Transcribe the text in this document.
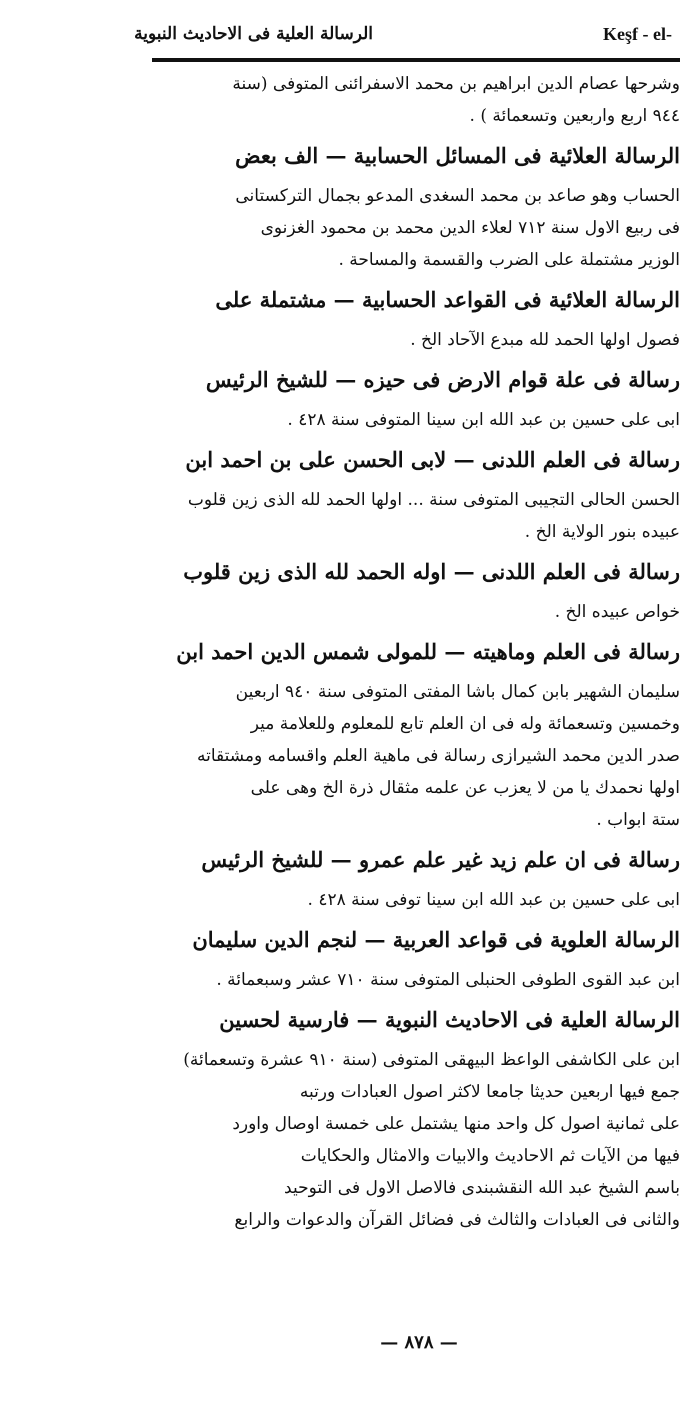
الرسالة العلية فى الاحاديث النبوية	Keşf - el-
وشرحها عصام الدين ابراهيم بن محمد الاسفرائنى المتوفى (سنة
٩٤٤ اربع واربعين وتسعمائة ) .
الرسالة العلائية فى المسائل الحسابية — الف بعض
الحساب وهو صاعد بن محمد السغدى المدعو بجمال التركستانى
فى ربيع الاول سنة ٧١٢ لعلاء الدين محمد بن محمود الغزنوى
الوزير مشتملة على الضرب والقسمة والمساحة .
الرسالة العلائية فى القواعد الحسابية — مشتملة على
فصول اولها الحمد لله مبدع الآحاد الخ .
رسالة فى علة قوام الارض فى حيزه — للشيخ الرئيس
ابى على حسين بن عبد الله ابن سينا المتوفى سنة ٤٢٨ .
رسالة فى العلم اللدنى — لابى الحسن على بن احمد ابن
الحسن الحالى التجيبى المتوفى سنة ... اولها الحمد لله الذى زين قلوب
عبيده بنور الولاية الخ .
رسالة فى العلم اللدنى — اوله الحمد لله الذى زين قلوب
خواص عبيده الخ .
رسالة فى العلم وماهيته — للمولى شمس الدين احمد ابن
سليمان الشهير بابن كمال باشا المفتى المتوفى سنة ٩٤٠ اربعين
وخمسين وتسعمائة وله فى ان العلم تابع للمعلوم وللعلامة مير
صدر الدين محمد الشيرازى رسالة فى ماهية العلم واقسامه ومشتقاته
اولها نحمدك يا من لا يعزب عن علمه مثقال ذرة الخ وهى على
ستة ابواب .
رسالة فى ان علم زيد غير علم عمرو — للشيخ الرئيس
ابى على حسين بن عبد الله ابن سينا توفى سنة ٤٢٨ .
الرسالة العلوية فى قواعد العربية — لنجم الدين سليمان
ابن عبد القوى الطوفى الحنبلى المتوفى سنة ٧١٠ عشر وسبعمائة .
الرسالة العلية فى الاحاديث النبوية — فارسية لحسين
ابن على الكاشفى الواعظ البيهقى المتوفى (سنة ٩١٠ عشرة وتسعمائة)
جمع فيها اربعين حديثا جامعا لاكثر اصول العبادات ورتبه
على ثمانية اصول كل واحد منها يشتمل على خمسة اوصال واورد
فيها من الآيات ثم الاحاديث والابيات والامثال والحكايات
باسم الشيخ عبد الله النقشبندى فالاصل الاول فى التوحيد
والثانى فى العبادات والثالث فى فضائل القرآن والدعوات والرابع
— ٨٧٨ —
